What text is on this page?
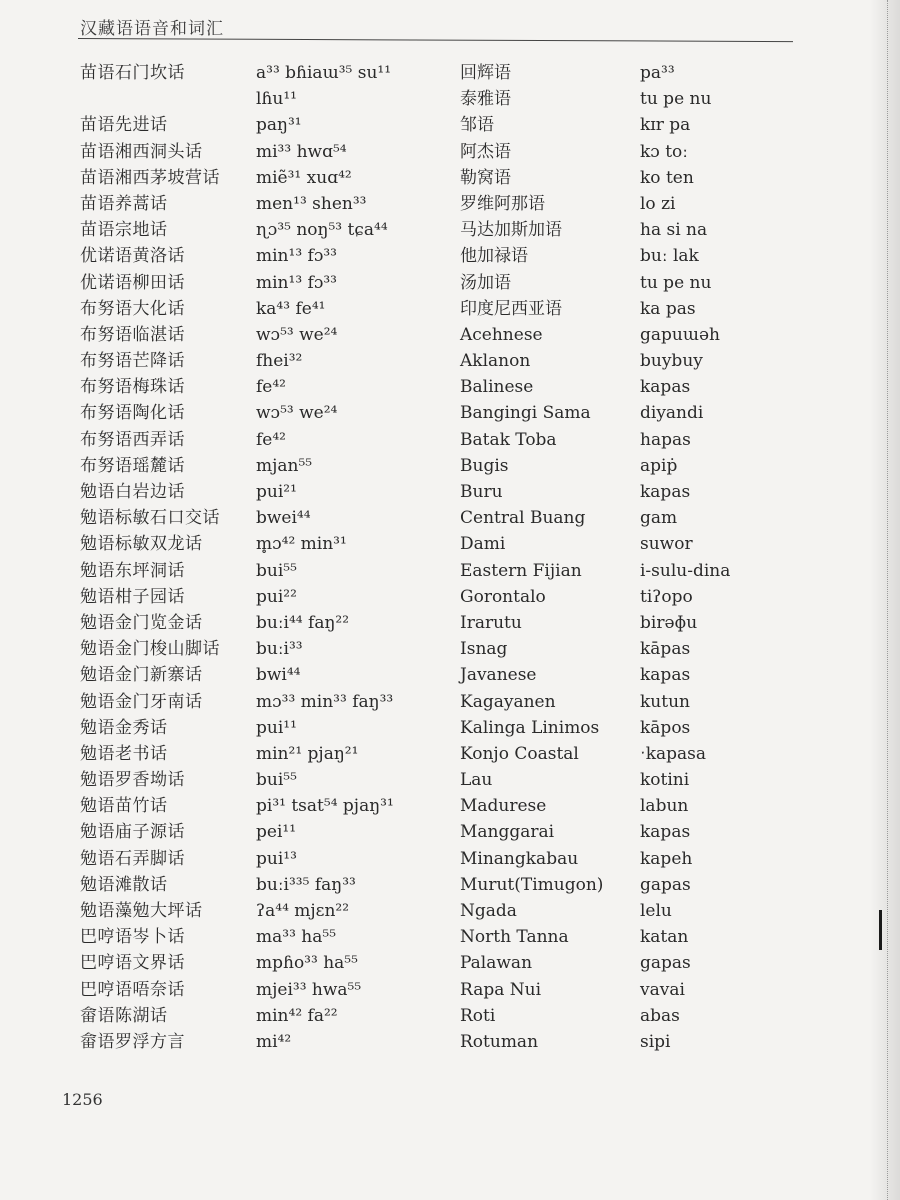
汉藏语语音和词汇
苗语石门坎话
苗语先进话
苗语湘西洞头话
苗语湘西茅坡营话
苗语养蒿话
苗语宗地话
优诺语黄洛话
优诺语柳田话
布努语大化话
布努语临湛话
布努语芒降话
布努语梅珠话
布努语陶化话
布努语西弄话
布努语瑶麓话
勉语白岩边话
勉语标敏石口交话
勉语标敏双龙话
勉语东坪洞话
勉语柑子园话
勉语金门览金话
勉语金门梭山脚话
勉语金门新寨话
勉语金门牙南话
勉语金秀话
勉语老书话
勉语罗香坳话
勉语苗竹话
勉语庙子源话
勉语石弄脚话
勉语滩散话
勉语藻勉大坪话
巴哼语岑卜话
巴哼语文界话
巴哼语唔奈话
畲语陈湖话
畲语罗浮方言
a³³ bɦiaɯ³⁵ su¹¹
lɦu¹¹
paŋ³¹
mi³³ hwɑ⁵⁴
miẽ³¹ xuɑ⁴²
men¹³ shen³³
ɳɔ³⁵ noŋ⁵³ tɕa⁴⁴
min¹³ fɔ³³
min¹³ fɔ³³
ka⁴³ fe⁴¹
wɔ⁵³ we²⁴
fhei³²
fe⁴²
wɔ⁵³ we²⁴
fe⁴²
mjan⁵⁵
pui²¹
bwei⁴⁴
m̥ɔ⁴² min³¹
bui⁵⁵
pui²²
buːi⁴⁴ faŋ²²
buːi³³
bwi⁴⁴
mɔ³³ min³³ faŋ³³
pui¹¹
min²¹ pjaŋ²¹
bui⁵⁵
pi³¹ tsat⁵⁴ pjaŋ³¹
pei¹¹
pui¹³
buːi³³⁵ faŋ³³
ʔa⁴⁴ mjɛn²²
ma³³ ha⁵⁵
mpɦo³³ ha⁵⁵
mjei³³ hwa⁵⁵
min⁴² fa²²
mi⁴²
回辉语
泰雅语
邹语
阿杰语
勒窝语
罗维阿那语
马达加斯加语
他加禄语
汤加语
印度尼西亚语
Acehnese
Aklanon
Balinese
Bangingi Sama
Batak Toba
Bugis
Buru
Central Buang
Dami
Eastern Fijian
Gorontalo
Irarutu
Isnag
Javanese
Kagayanen
Kalinga Linimos
Konjo Coastal
Lau
Madurese
Manggarai
Minangkabau
Murut(Timugon)
Ngada
North Tanna
Palawan
Rapa Nui
Roti
Rotuman
pa³³
tu pe nu
kɪr pa
kɔ toː
ko ten
lo zi
ha si na
buː lak
tu pe nu
ka pas
gapuɯəh
buybuy
kapas
diyandi
hapas
apiṗ
kapas
gam
suwor
i-sulu-dina
tiʔopo
birəɸu
kāpas
kapas
kutun
kāpos
ˑkapasa
kotini
labun
kapas
kapeh
gapas
lelu
katan
gapas
vavai
abas
sipi
1256
